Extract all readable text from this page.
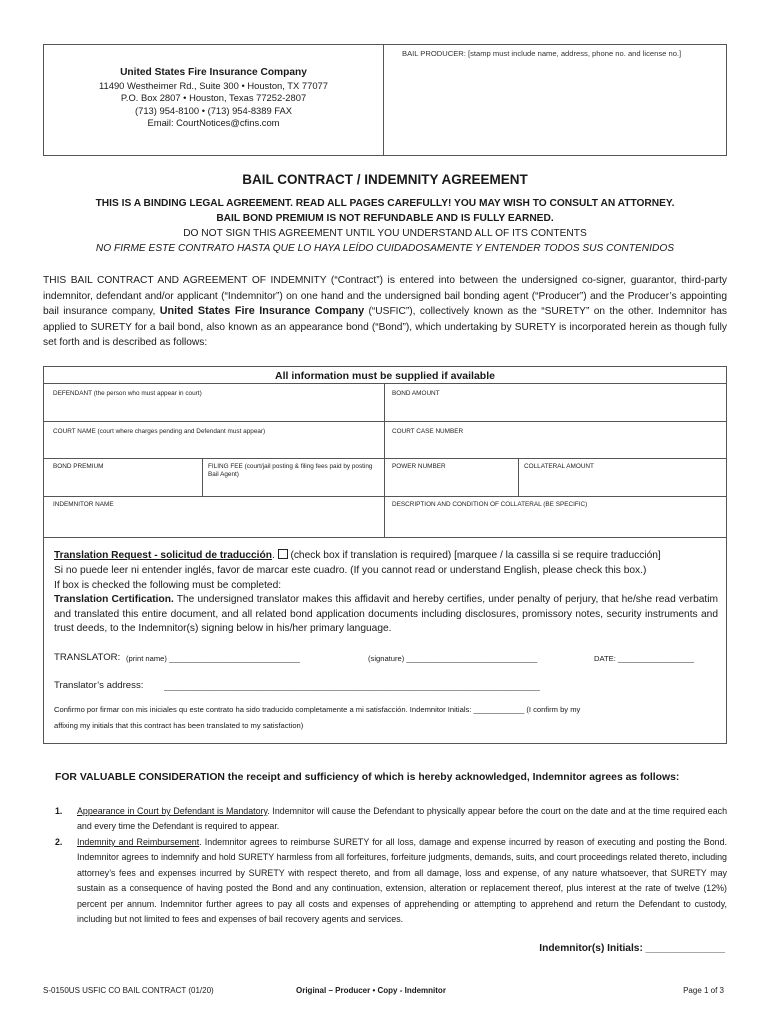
BAIL PRODUCER: [stamp must include name, address, phone no. and license no.]
United States Fire Insurance Company
11490 Westheimer Rd., Suite 300 • Houston, TX 77077
P.O. Box 2807 • Houston, Texas 77252-2807
(713) 954-8100 • (713) 954-8389 FAX
Email: CourtNotices@cfins.com
BAIL CONTRACT / INDEMNITY AGREEMENT
THIS IS A BINDING LEGAL AGREEMENT. READ ALL PAGES CAREFULLY! YOU MAY WISH TO CONSULT AN ATTORNEY.
BAIL BOND PREMIUM IS NOT REFUNDABLE AND IS FULLY EARNED.
DO NOT SIGN THIS AGREEMENT UNTIL YOU UNDERSTAND ALL OF ITS CONTENTS
NO FIRME ESTE CONTRATO HASTA QUE LO HAYA LEÍDO CUIDADOSAMENTE Y ENTENDER TODOS SUS CONTENIDOS
THIS BAIL CONTRACT AND AGREEMENT OF INDEMNITY (“Contract”) is entered into between the undersigned co-signer, guarantor, third-party indemnitor, defendant and/or applicant (“Indemnitor”) on one hand and the undersigned bail bonding agent (“Producer”) and the Producer’s appointing bail insurance company, United States Fire Insurance Company (“USFIC”), collectively known as the “SURETY” on the other. Indemnitor has applied to SURETY for a bail bond, also known as an appearance bond (“Bond”), which undertaking by SURETY is incorporated herein as though fully set forth and is described as follows:
All information must be supplied if available
DEFENDANT (the person who must appear in court)	BOND AMOUNT
COURT NAME (court where charges pending and Defendant must appear)	COURT CASE NUMBER
BOND PREMIUM	FILING FEE (court/jail posting & filing fees paid by posting Bail Agent)
POWER NUMBER	COLLATERAL AMOUNT
INDEMNITOR NAME	DESCRIPTION AND CONDITION OF COLLATERAL (BE SPECIFIC)
Translation Request - solicitud de traducción.  (check box if translation is required) [marquee / la cassilla si se require traducción]
Si no puede leer ni entender inglés, favor de marcar este cuadro. (If you cannot read or understand English, please check this box.)
If box is checked the following must be completed:
Translation Certification. The undersigned translator makes this affidavit and hereby certifies, under penalty of perjury, that he/she read verbatim and translated this entire document, and all related bond application documents including disclosures, promissory notes, security instruments and trust deeds, to the Indemnitor(s) signing below in his/her primary language.
TRANSLATOR: (print name) _______________________________	(signature) _______________________________	DATE: __________________
Translator’s address:	_________________________________________________________________________________________
Confirmo por firmar con mis iniciales qu este contrato ha sido traducido completamente a mi satisfacción. Indemnitor Initials: ____________ (I confirm by my
affixing my initials that this contract has been translated to my satisfaction)
FOR VALUABLE CONSIDERATION the receipt and sufficiency of which is hereby acknowledged, Indemnitor agrees as follows:
1. Appearance in Court by Defendant is Mandatory. Indemnitor will cause the Defendant to physically appear before the court on the date and at the time required each and every time the Defendant is required to appear.
2. Indemnity and Reimbursement. Indemnitor agrees to reimburse SURETY for all loss, damage and expense incurred by reason of executing and posting the Bond. Indemnitor agrees to indemnify and hold SURETY harmless from all forfeitures, forfeiture judgments, demands, suits, and court proceedings related thereto, including attorney’s fees and expenses incurred by SURETY with respect thereto, and from all damage, loss and expense, of any nature whatsoever, that SURETY may sustain as a consequence of having posted the Bond and any continuation, extension, alteration or replacement thereof, plus interest at the rate of twelve (12%) percent per annum. Indemnitor further agrees to pay all costs and expenses of apprehending or attempting to apprehend and return the Defendant to custody, including but not limited to fees and expenses of bail recovery agents and services.
Indemnitor(s) Initials: ______________
S-0150US USFIC CO BAIL CONTRACT (01/20)	Original – Producer • Copy - Indemnitor	Page 1 of 3
